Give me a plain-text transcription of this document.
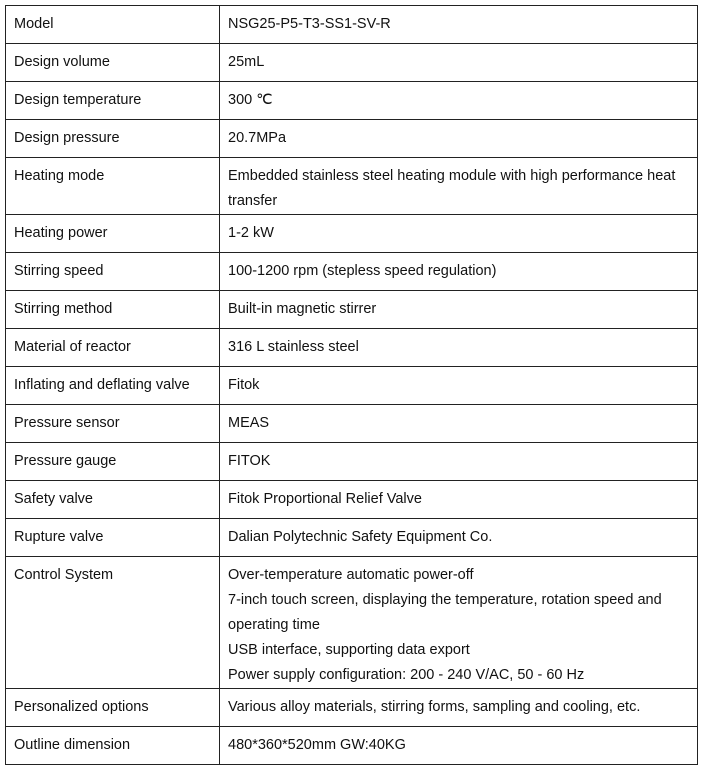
Model	NSG25-P5-T3-SS1-SV-R

Design volume	25mL

Design temperature	300 ℃

Design pressure	20.7MPa

Heating mode	Embedded stainless steel heating module with high performance heat transfer

Heating power	1-2 kW

Stirring speed	100-1200 rpm (stepless speed regulation)

Stirring method	Built-in magnetic stirrer

Material of reactor	316 L stainless steel

Inflating and deflating valve	Fitok

Pressure sensor	MEAS

Pressure gauge	FITOK

Safety valve	Fitok Proportional Relief Valve

Rupture valve	Dalian Polytechnic Safety Equipment Co.

Control System	Over-temperature automatic power-off
7-inch touch screen, displaying the temperature, rotation speed and operating time
USB interface, supporting data export
Power supply configuration: 200 - 240 V/AC, 50 - 60 Hz

Personalized options	Various alloy materials, stirring forms, sampling and cooling, etc.

Outline dimension	480*360*520mm GW:40KG
